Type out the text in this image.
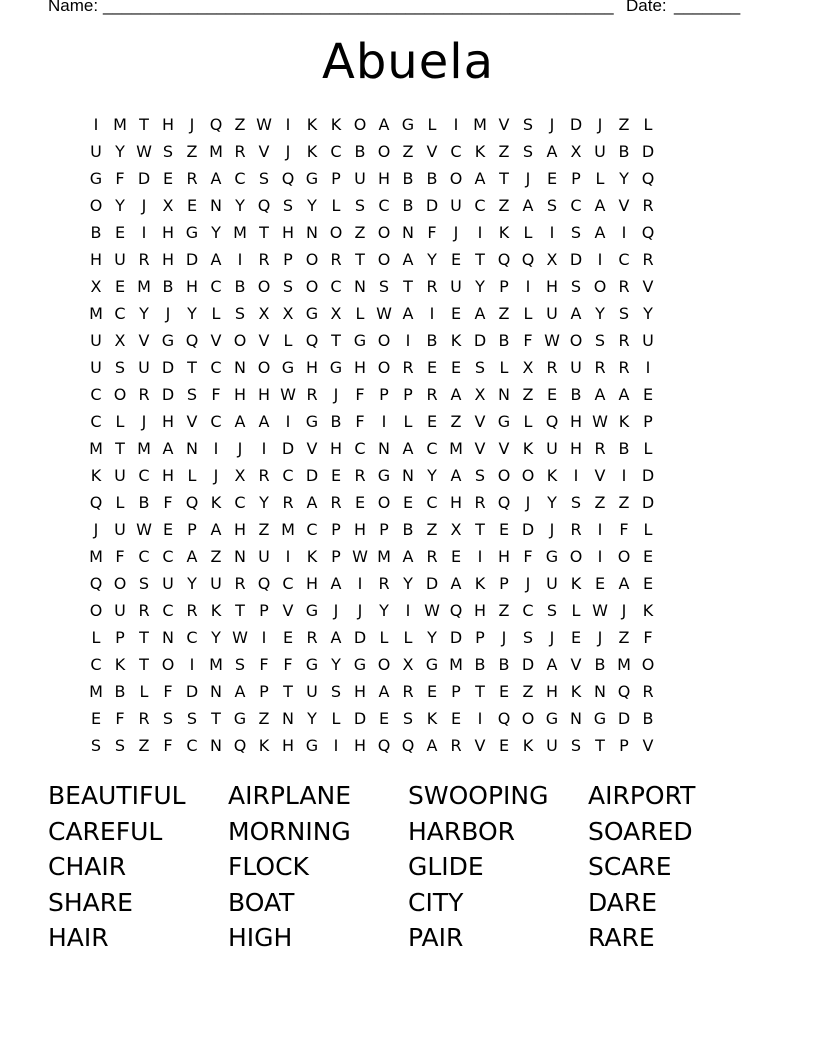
Name: ______________________________________________________ Date: _______
Abuela
I M T H J Q Z W I	K K O A G L	I M V S	J D J	Z L
U Y W S Z M R V	J	K C B O Z V C K Z S A X U B D
G F D E R A C S Q G P U H B B O A T	J	E P L Y Q
O Y	J	X E N Y Q S Y L S C B D U C Z A S C A V R
B E	I H G Y M T H N O Z O N F	J	I	K L	I	S A	I Q
H U R H D A	I	R P O R T O A Y E T Q Q X D I	C R
X E M B H C B O S O C N S T R U Y P	I H S O R V
M C Y	J	Y L S X X G X L W A	I	E A Z L U A Y S Y
U X V G Q V O V L Q T G O I	B K D B F W O S R U
U S U D T C N O G H G H O R E E S L X R U R R	I
C O R D S F H H W R	J	F P P R A X N Z E B A A E
C L	J H V C A A	I G B F	I	L E Z V G L Q H W K P
M T M A N I	J	I D V H C N A C M V V K U H R B L
K U C H L	J	X R C D E R G N Y A S O O K	I	V	I D
Q L B F Q K C Y R A R E O E C H R Q J	Y S Z Z D
J U W E P A H Z M C P H P B Z X T E D J	R	I	F L
M F C C A Z N U I	K P W M A R E	I H F G O I O E
Q O S U Y U R Q C H A	I	R Y D A K P	J U K E A E
O U R C R K T P V G J	J	Y	I W Q H Z C S L W J	K
L P T N C Y W I	E R A D L L Y D P	J	S	J	E	J	Z F
C K T O I M S F F G Y G O X G M B B D A V B M O
M B L F D N A P T U S H A R E P T E Z H K N Q R
E F R S S T G Z N Y L D E S K E	I Q O G N G D B
S S Z F C N Q K H G I H Q Q A R V E K U S T P V
BEAUTIFUL	AIRPLANE	SWOOPING	AIRPORT
CAREFUL	MORNING	HARBOR	SOARED
CHAIR	FLOCK	GLIDE	SCARE
SHARE	BOAT	CITY	DARE
HAIR	HIGH	PAIR	RARE
